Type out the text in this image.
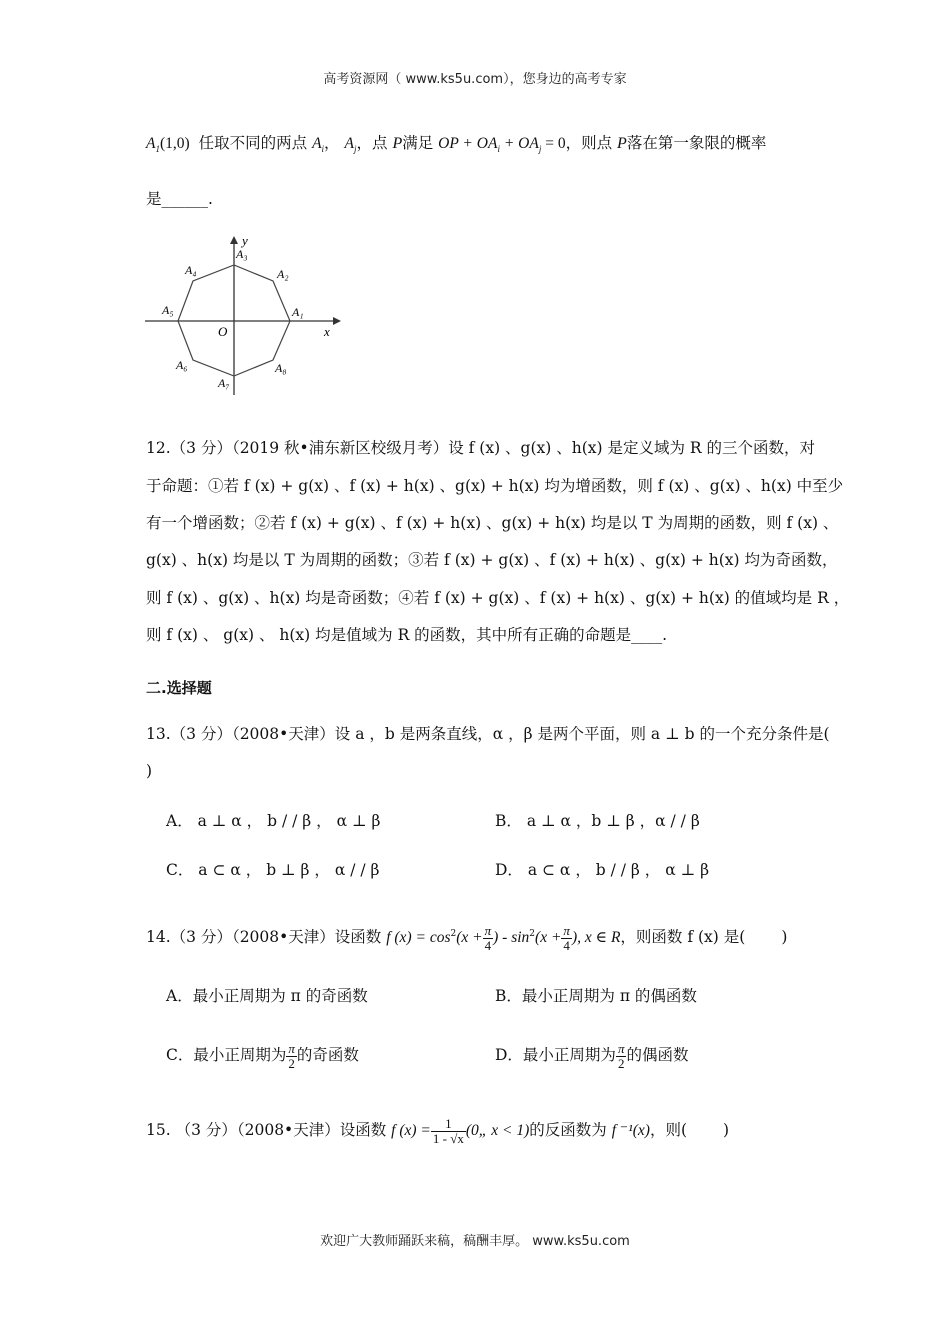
高考资源网（ www.ks5u.com），您身边的高考专家
$A_1(1,0)$ 任取不同的两点 $A_i$， $A_j$，点 P满足 OP + $OA_i + OA_j = 0$，则点 P落在第一象限的概率
是______.
A₁
A₂
A₃
A₄
A₅
A₆
A₇
A₈
O	x
y
12.（3 分）（2019 秋•浦东新区校级月考）设 f (x) 、g(x) 、h(x) 是定义域为 R 的三个函数，对
于命题：①若 f (x) + g(x) 、f (x) + h(x) 、g(x) + h(x) 均为增函数，则 f (x) 、g(x) 、h(x) 中至少
有一个增函数；②若 f (x) + g(x) 、f (x) + h(x) 、g(x) + h(x) 均是以 T 为周期的函数，则 f (x) 、
g(x) 、h(x) 均是以 T 为周期的函数；③若 f (x) + g(x) 、f (x) + h(x) 、g(x) + h(x) 均为奇函数，
则 f (x) 、g(x) 、h(x) 均是奇函数；④若 f (x) + g(x) 、f (x) + h(x) 、g(x) + h(x) 的值域均是 R ，
则 f (x) 、 g(x) 、 h(x) 均是值域为 R 的函数，其中所有正确的命题是____.
二.选择题
13.（3 分）（2008•天津）设 a ，b 是两条直线，α ，β 是两个平面，则 a ⊥ b 的一个充分条件是(
)
A． a ⊥ α ， b / / β ， α ⊥ β	B． a ⊥ α ，b ⊥ β ，α / / β
C． a ⊂ α ， b ⊥ β ， α / / β	D． a ⊂ α ， b / / β ， α ⊥ β
14.（3 分）（2008•天津）设函数 f $(x) = \cos^2(x + \frac{\pi}{4}$ ) - $\sin^2(x + \frac{\pi}{4}$ ), x ∈ R，则函数 f (x) 是( )
A．最小正周期为 π 的奇函数	B．最小正周期为 π 的偶函数
C．最小正周期为 $\frac{\pi}{2}$ 的奇函数	D．最小正周期为 $\frac{\pi}{2}$ 的偶函数
15. （3 分）（2008•天津）设函数 f $(x) = \frac{1}{1 - √x}$ (0„ x < 1)的反函数为 f ⁻¹(x)，则( )
欢迎广大教师踊跃来稿，稿酬丰厚。 www.ks5u.com
